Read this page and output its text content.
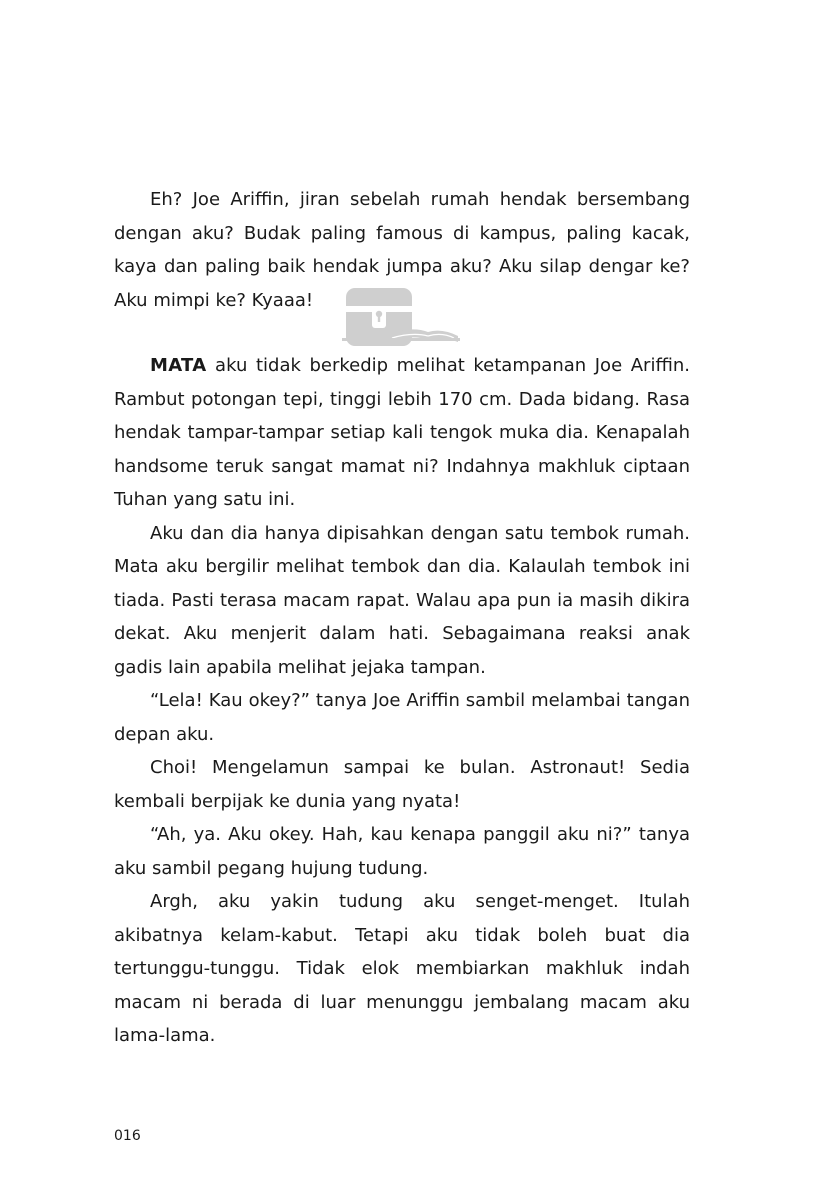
Eh? Joe Ariffin, jiran sebelah rumah hendak bersembang dengan aku? Budak paling famous di kampus, paling kacak, kaya dan paling baik hendak jumpa aku? Aku silap dengar ke? Aku mimpi ke? Kyaaa!

MATA aku tidak berkedip melihat ketampanan Joe Ariffin. Rambut potongan tepi, tinggi lebih 170 cm. Dada bidang. Rasa hendak tampar-tampar setiap kali tengok muka dia. Kenapalah handsome teruk sangat mamat ni? Indahnya makhluk ciptaan Tuhan yang satu ini.

Aku dan dia hanya dipisahkan dengan satu tembok rumah. Mata aku bergilir melihat tembok dan dia. Kalaulah tembok ini tiada. Pasti terasa macam rapat. Walau apa pun ia masih dikira dekat. Aku menjerit dalam hati. Sebagaimana reaksi anak gadis lain apabila melihat jejaka tampan.

“Lela! Kau okey?” tanya Joe Ariffin sambil melambai tangan depan aku.

Choi! Mengelamun sampai ke bulan. Astronaut! Sedia kembali berpijak ke dunia yang nyata!

“Ah, ya. Aku okey. Hah, kau kenapa panggil aku ni?” tanya aku sambil pegang hujung tudung.

Argh, aku yakin tudung aku senget-menget. Itulah akibatnya kelam-kabut. Tetapi aku tidak boleh buat dia tertunggu-tunggu. Tidak elok membiarkan makhluk indah macam ni berada di luar menunggu jembalang macam aku lama-lama.

016
